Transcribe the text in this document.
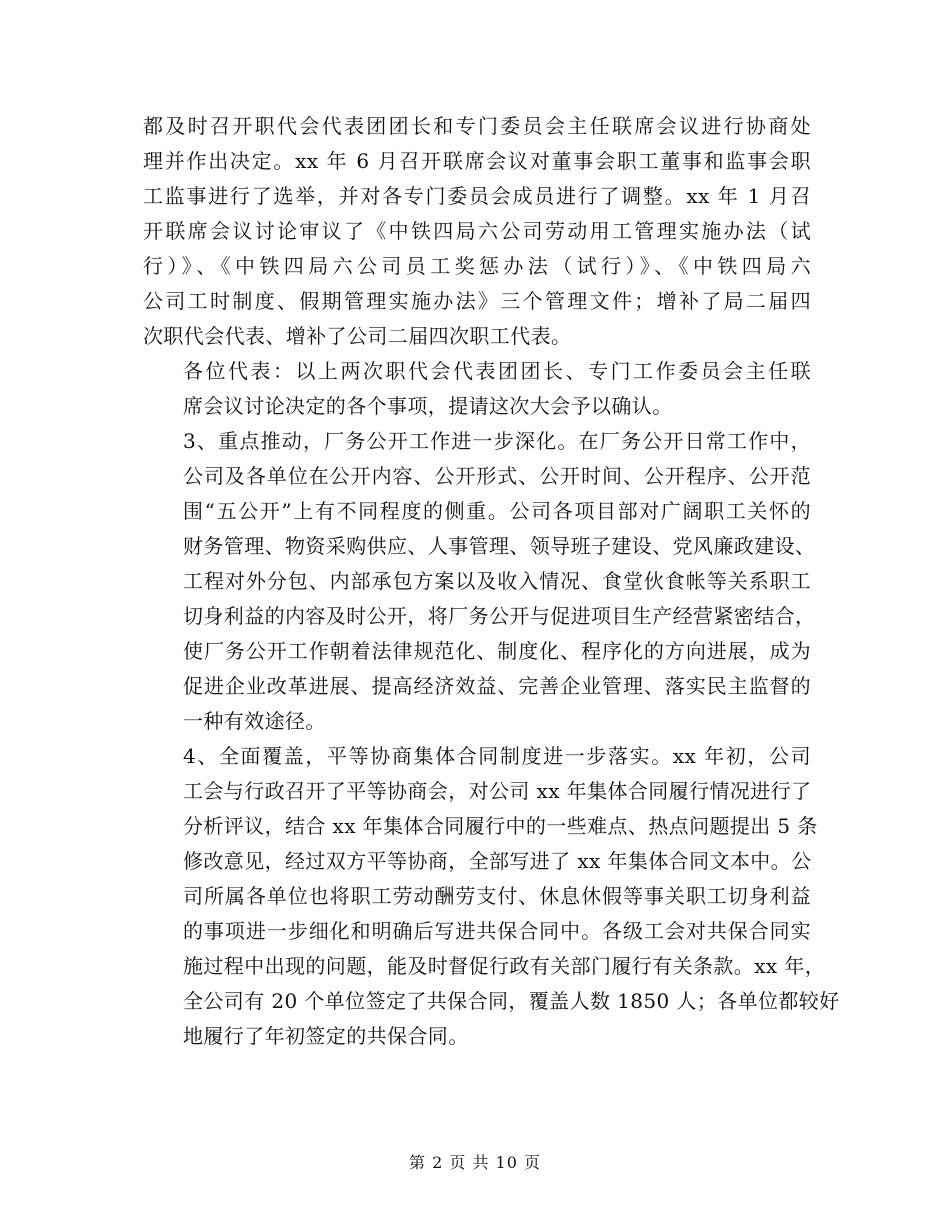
都及时召开职代会代表团团长和专门委员会主任联席会议进行协商处
理并作出决定。xx 年 6 月召开联席会议对董事会职工董事和监事会职
工监事进行了选举，并对各专门委员会成员进行了调整。xx 年 1 月召
开联席会议讨论审议了《中铁四局六公司劳动用工管理实施办法（试
行）》、《中铁四局六公司员工奖惩办法（试行）》、《中铁四局六
公司工时制度、假期管理实施办法》三个管理文件；增补了局二届四
次职代会代表、增补了公司二届四次职工代表。

各位代表：以上两次职代会代表团团长、专门工作委员会主任联
席会议讨论决定的各个事项，提请这次大会予以确认。

3、重点推动，厂务公开工作进一步深化。在厂务公开日常工作中，
公司及各单位在公开内容、公开形式、公开时间、公开程序、公开范
围“五公开”上有不同程度的侧重。公司各项目部对广阔职工关怀的
财务管理、物资采购供应、人事管理、领导班子建设、党风廉政建设、
工程对外分包、内部承包方案以及收入情况、食堂伙食帐等关系职工
切身利益的内容及时公开，将厂务公开与促进项目生产经营紧密结合，
使厂务公开工作朝着法律规范化、制度化、程序化的方向进展，成为
促进企业改革进展、提高经济效益、完善企业管理、落实民主监督的
一种有效途径。

4、全面覆盖，平等协商集体合同制度进一步落实。xx 年初，公司
工会与行政召开了平等协商会，对公司 xx 年集体合同履行情况进行了
分析评议，结合 xx 年集体合同履行中的一些难点、热点问题提出 5 条
修改意见，经过双方平等协商，全部写进了 xx 年集体合同文本中。公
司所属各单位也将职工劳动酬劳支付、休息休假等事关职工切身利益
的事项进一步细化和明确后写进共保合同中。各级工会对共保合同实
施过程中出现的问题，能及时督促行政有关部门履行有关条款。xx 年，
全公司有 20 个单位签定了共保合同，覆盖人数 1850 人；各单位都较好
地履行了年初签定的共保合同。

第 2 页 共 10 页
